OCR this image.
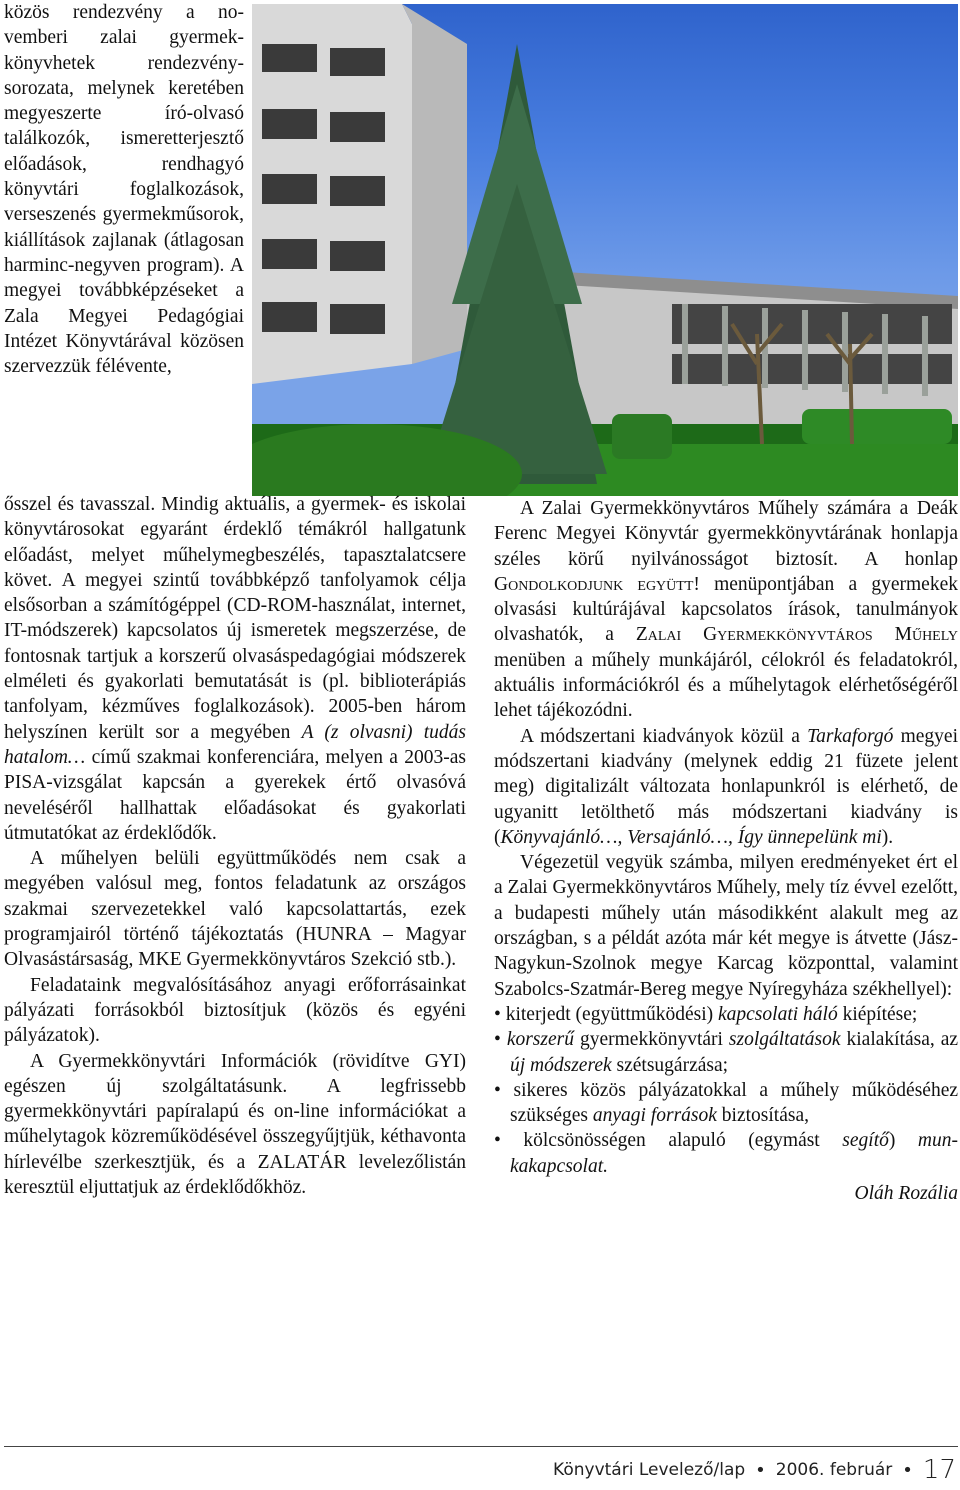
közös rendezvény a novemberi zalai gyermekkönyvhetek rendezvénysorozata, melynek keretében megyeszerte író-olvasó találkozók, ismeretterjesztő előadások, rendhagyó könyvtári foglalkozások, verseszenés gyermekműsorok, kiállítások zajlanak (átlagosan harminc-negyven program). A megyei továbbképzéseket a Zala Megyei Pedagógiai Intézet Könyvtárával közösen szervezzük félévente,

ősszel és tavasszal. Mindig aktuális, a gyermek- és iskolai könyvtárosokat egyaránt érdeklő témákról hallgatunk előadást, melyet műhelymegbeszélés, tapasztalatcsere követ. A megyei szintű továbbképző tanfolyamok célja elsősorban a számítógéppel (CD-ROM-használat, internet, IT-módszerek) kapcsolatos új ismeretek megszerzése, de fontosnak tartjuk a korszerű olvasáspedagógiai módszerek elméleti és gyakorlati bemutatását is (pl. biblioterápiás tanfolyam, kézműves foglalkozások). 2005-ben három helyszínen került sor a megyében A (z olvasni) tudás hatalom… című szakmai konferenciára, melyen a 2003-as PISA-vizsgálat kapcsán a gyerekek értő olvasóvá neveléséről hallhattak előadásokat és gyakorlati útmutatókat az érdeklődők.

A műhelyen belüli együttműködés nem csak a megyében valósul meg, fontos feladatunk az országos szakmai szervezetekkel való kapcsolattartás, ezek programjairól történő tájékoztatás (HUNRA – Magyar Olvasástársaság, MKE Gyermekkönyvtáros Szekció stb.).

Feladataink megvalósításához anyagi erőforrásainkat pályázati forrásokból biztosítjuk (közös és egyéni pályázatok).

A Gyermekkönyvtári Információk (rövidítve GYI) egészen új szolgáltatásunk. A legfrissebb gyermekkönyvtári papíralapú és on-line információkat a műhelytagok közreműködésével összegyűjtjük, kéthavonta hírlevélbe szerkesztjük, és a ZALATÁR levelezőlistán keresztül eljuttatjuk az érdeklődőkhöz.

A Zalai Gyermekkönyvtáros Műhely számára a Deák Ferenc Megyei Könyvtár gyermekkönyvtárának honlapja széles körű nyilvánosságot biztosít. A honlap Gondolkodjunk együtt! menüpontjában a gyermekek olvasási kultúrájával kapcsolatos írások, tanulmányok olvashatók, a Zalai Gyermekkönyvtáros Műhely menüben a műhely munkájáról, célokról és feladatokról, aktuális információkról és a műhelytagok elérhetőségéről lehet tájékozódni.

A módszertani kiadványok közül a Tarkaforgó megyei módszertani kiadvány (melynek eddig 21 füzete jelent meg) digitalizált változata honlapunkról is elérhető, de ugyanitt letölthető más módszertani kiadvány is (Könyvajánló…, Versajánló…, Így ünnepelünk mi).

Végezetül vegyük számba, milyen eredményeket ért el a Zalai Gyermekkönyvtáros Műhely, mely tíz évvel ezelőtt, a budapesti műhely után másodikként alakult meg az országban, s a példát azóta már két megye is átvette (Jász-Nagykun-Szolnok megye Karcag központtal, valamint Szabolcs-Szatmár-Bereg megye Nyíregyháza székhellyel):

• kiterjedt (együttműködési) kapcsolati háló kiépítése;
• korszerű gyermekkönyvtári szolgáltatások kialakítása, az új módszerek szétsugárzása;
• sikeres közös pályázatokkal a műhely működéséhez szükséges anyagi források biztosítása,
• kölcsönösségen alapuló (egymást segítő) munkakapcsolat.

Oláh Rozália

Könyvtári Levelező/lap • 2006. február • 17
